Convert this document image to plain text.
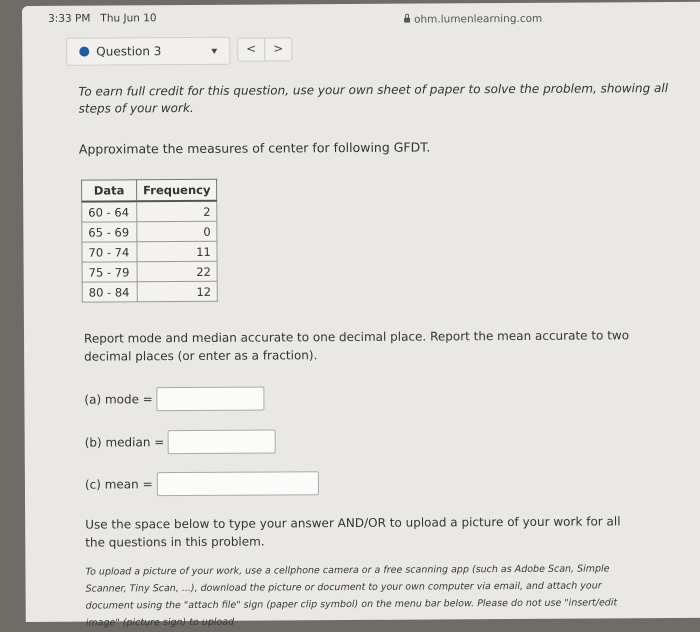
3:33 PM Thu Jun 10	ohm.lumenlearning.com
Question 3	<	>

To earn full credit for this question, use your own sheet of paper to solve the problem, showing all steps of your work.

Approximate the measures of center for following GFDT.

Data	Frequency
60 - 64	2
65 - 69	0
70 - 74	11
75 - 79	22
80 - 84	12

Report mode and median accurate to one decimal place. Report the mean accurate to two decimal places (or enter as a fraction).

(a) mode =
(b) median =
(c) mean =

Use the space below to type your answer AND/OR to upload a picture of your work for all the questions in this problem.

To upload a picture of your work, use a cellphone camera or a free scanning app (such as Adobe Scan, Simple Scanner, Tiny Scan, ...), download the picture or document to your own computer via email, and attach your document using the "attach file" sign (paper clip symbol) on the menu bar below. Please do not use "insert/edit image" (picture sign) to upload
